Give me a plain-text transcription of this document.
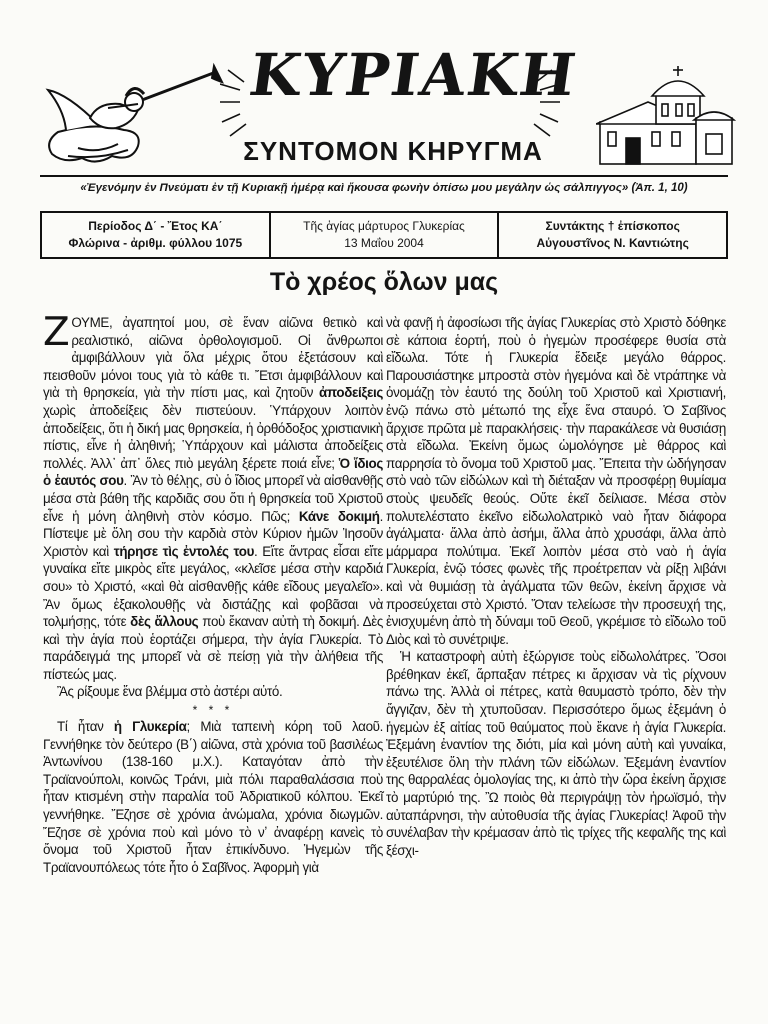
ΚΥΡΙΑΚΗ
ΣΥΝΤΟΜΟΝ ΚΗΡΥΓΜΑ
«Ἐγενόμην ἐν Πνεύματι ἐν τῇ Κυριακῇ ἡμέρᾳ καὶ ἤκουσα φωνὴν ὀπίσω μου μεγάλην ὡς σάλπιγγος» (Ἀπ. 1, 10)
Περίοδος Δ΄ - Ἔτος ΚΑ΄
Φλώρινα - ἀριθμ. φύλλου 1075
Τῆς ἁγίας μάρτυρος Γλυκερίας
13 Μαΐου 2004
Συντάκτης † ἐπίσκοπος
Αὐγουστῖνος Ν. Καντιώτης
Τὸ χρέος ὅλων μας

ΖΟΥΜΕ, ἀγαπητοί μου, σὲ ἕναν αἰῶνα θετικὸ καὶ ρεαλιστικό, αἰῶνα ὀρθολογισμοῦ. Οἱ ἄνθρωποι ἀμφιβάλλουν γιὰ ὅλα μέχρις ὅτου ἐξετάσουν καὶ πεισθοῦν μόνοι τους γιὰ τὸ κάθε τι. Ἔτσι ἀμφιβάλλουν καὶ γιὰ τὴ θρησκεία, γιὰ τὴν πίστι μας, καὶ ζητοῦν ἀποδείξεις χωρὶς ἀποδείξεις δὲν πιστεύουν. Ὑπάρχουν λοιπὸν ἀποδείξεις, ὅτι ἡ δική μας θρησκεία, ἡ ὀρθόδοξος χριστιανικὴ πίστις, εἶνε ἡ ἀληθινή; Ὑπάρχουν καὶ μάλιστα ἀποδείξεις πολλές. Ἀλλ᾽ ἀπ᾽ ὅλες πιὸ μεγάλη ξέρετε ποιά εἶνε; Ὁ ἴδιος ὁ ἑαυτός σου. Ἂν τὸ θέλῃς, σὺ ὁ ἴδιος μπορεῖ νὰ αἰσθανθῇς μέσα στὰ βάθη τῆς καρδιᾶς σου ὅτι ἡ θρησκεία τοῦ Χριστοῦ εἶνε ἡ μόνη ἀληθινὴ στὸν κόσμο. Πῶς; Κάνε δοκιμή. Πίστεψε μὲ ὅλη σου τὴν καρδιὰ στὸν Κύριον ἡμῶν Ἰησοῦν Χριστὸν καὶ τήρησε τὶς ἐντολές του. Εἴτε ἄντρας εἶσαι εἴτε γυναίκα εἴτε μικρὸς εἴτε μεγάλος, «κλεῖσε μέσα στὴν καρδιά σου» τὸ Χριστό, «καὶ θὰ αἰσθανθῇς κάθε εἴδους μεγαλεῖο». Ἂν ὅμως ἐξακολουθῇς νὰ διστάζῃς καὶ φοβᾶσαι νὰ τολμήσῃς, τότε δὲς ἄλλους ποὺ ἔκαναν αὐτὴ τὴ δοκιμή. Δὲς καὶ τὴν ἁγία ποὺ ἑορτάζει σήμερα, τὴν ἁγία Γλυκερία. Τὸ παράδειγμά της μπορεῖ νὰ σὲ πείσῃ γιὰ τὴν ἀλήθεια τῆς πίστεώς μας.

Ἂς ρίξουμε ἕνα βλέμμα στὸ ἀστέρι αὐτό.

* * *

Τί ἦταν ἡ Γλυκερία; Μιὰ ταπεινὴ κόρη τοῦ λαοῦ. Γεννήθηκε τὸν δεύτερο (Β΄) αἰῶνα, στὰ χρόνια τοῦ βασιλέως Ἀντωνίνου (138-160 μ.Χ.). Καταγόταν ἀπὸ τὴν Τραϊανούπολι, κοινῶς Τράνι, μιὰ πόλι παραθαλάσσια ποὺ ἦταν κτισμένη στὴν παραλία τοῦ Ἀδριατικοῦ κόλπου. Ἐκεῖ γεννήθηκε. Ἔζησε σὲ χρόνια ἀνώμαλα, χρόνια διωγμῶν. Ἔζησε σὲ χρόνια ποὺ καὶ μόνο τὸ νʼ ἀναφέρῃ κανεὶς τὸ ὄνομα τοῦ Χριστοῦ ἦταν ἐπικίνδυνο. Ἡγεμὼν τῆς Τραϊανουπόλεως τότε ἦτο ὁ Σαβῖνος. Ἀφορμὴ γιὰ

νὰ φανῇ ἡ ἀφοσίωσι τῆς ἁγίας Γλυκερίας στὸ Χριστὸ δόθηκε σὲ κάποια ἑορτή, ποὺ ὁ ἡγεμὼν προσέφερε θυσία στὰ εἴδωλα. Τότε ἡ Γλυκερία ἔδειξε μεγάλο θάρρος. Παρουσιάστηκε μπροστὰ στὸν ἡγεμόνα καὶ δὲ ντράπηκε νὰ ὀνομάζῃ τὸν ἑαυτό της δούλη τοῦ Χριστοῦ καὶ Χριστιανή, ἐνῷ πάνω στὸ μέτωπό της εἶχε ἕνα σταυρό. Ὁ Σαβῖνος ἄρχισε πρῶτα μὲ παρακλήσεις· τὴν παρακάλεσε νὰ θυσιάσῃ στὰ εἴδωλα. Ἐκείνη ὅμως ὡμολόγησε μὲ θάρρος καὶ παρρησία τὸ ὄνομα τοῦ Χριστοῦ μας. Ἔπειτα τὴν ὡδήγησαν στὸ ναὸ τῶν εἰδώλων καὶ τὴ διέταξαν νὰ προσφέρῃ θυμίαμα στοὺς ψευδεῖς θεούς. Οὔτε ἐκεῖ δείλιασε. Μέσα στὸν πολυτελέστατο ἐκεῖνο εἰδωλολατρικὸ ναὸ ἦταν διάφορα ἀγάλματα· ἄλλα ἀπὸ ἀσήμι, ἄλλα ἀπὸ χρυσάφι, ἄλλα ἀπὸ μάρμαρα πολύτιμα. Ἐκεῖ λοιπὸν μέσα στὸ ναὸ ἡ ἁγία Γλυκερία, ἐνῷ τόσες φωνὲς τῆς προέτρεπαν νὰ ρίξῃ λιβάνι καὶ νὰ θυμιάσῃ τὰ ἀγάλματα τῶν θεῶν, ἐκείνη ἄρχισε νὰ προσεύχεται στὸ Χριστό. Ὅταν τελείωσε τὴν προσευχή της, ἐνισχυμένη ἀπὸ τὴ δύναμι τοῦ Θεοῦ, γκρέμισε τὸ εἴδωλο τοῦ Διὸς καὶ τὸ συνέτριψε.

Ἡ καταστροφὴ αὐτὴ ἐξώργισε τοὺς εἰδωλολάτρες. Ὅσοι βρέθηκαν ἐκεῖ, ἅρπαξαν πέτρες κι ἄρχισαν νὰ τὶς ρίχνουν πάνω της. Ἀλλὰ οἱ πέτρες, κατὰ θαυμαστὸ τρόπο, δὲν τὴν ἄγγιζαν, δὲν τὴ χτυποῦσαν. Περισσότερο ὅμως ἐξεμάνη ὁ ἡγεμὼν ἐξ αἰτίας τοῦ θαύματος ποὺ ἔκανε ἡ ἁγία Γλυκερία. Ἐξεμάνη ἐναντίον της διότι, μία καὶ μόνη αὐτὴ καὶ γυναίκα, ἐξευτέλισε ὅλη τὴν πλάνη τῶν εἰδώλων. Ἐξεμάνη ἐναντίον της θαρραλέας ὁμολογίας της, κι ἀπὸ τὴν ὥρα ἐκείνη ἄρχισε τὸ μαρτύριό της. Ὢ ποιὸς θὰ περιγράψῃ τὸν ἡρωϊσμό, τὴν αὐταπάρνησι, τὴν αὐτοθυσία τῆς ἁγίας Γλυκερίας! Ἀφοῦ τὴν συνέλαβαν τὴν κρέμασαν ἀπὸ τὶς τρίχες τῆς κεφαλῆς της καὶ ξέσχι-
